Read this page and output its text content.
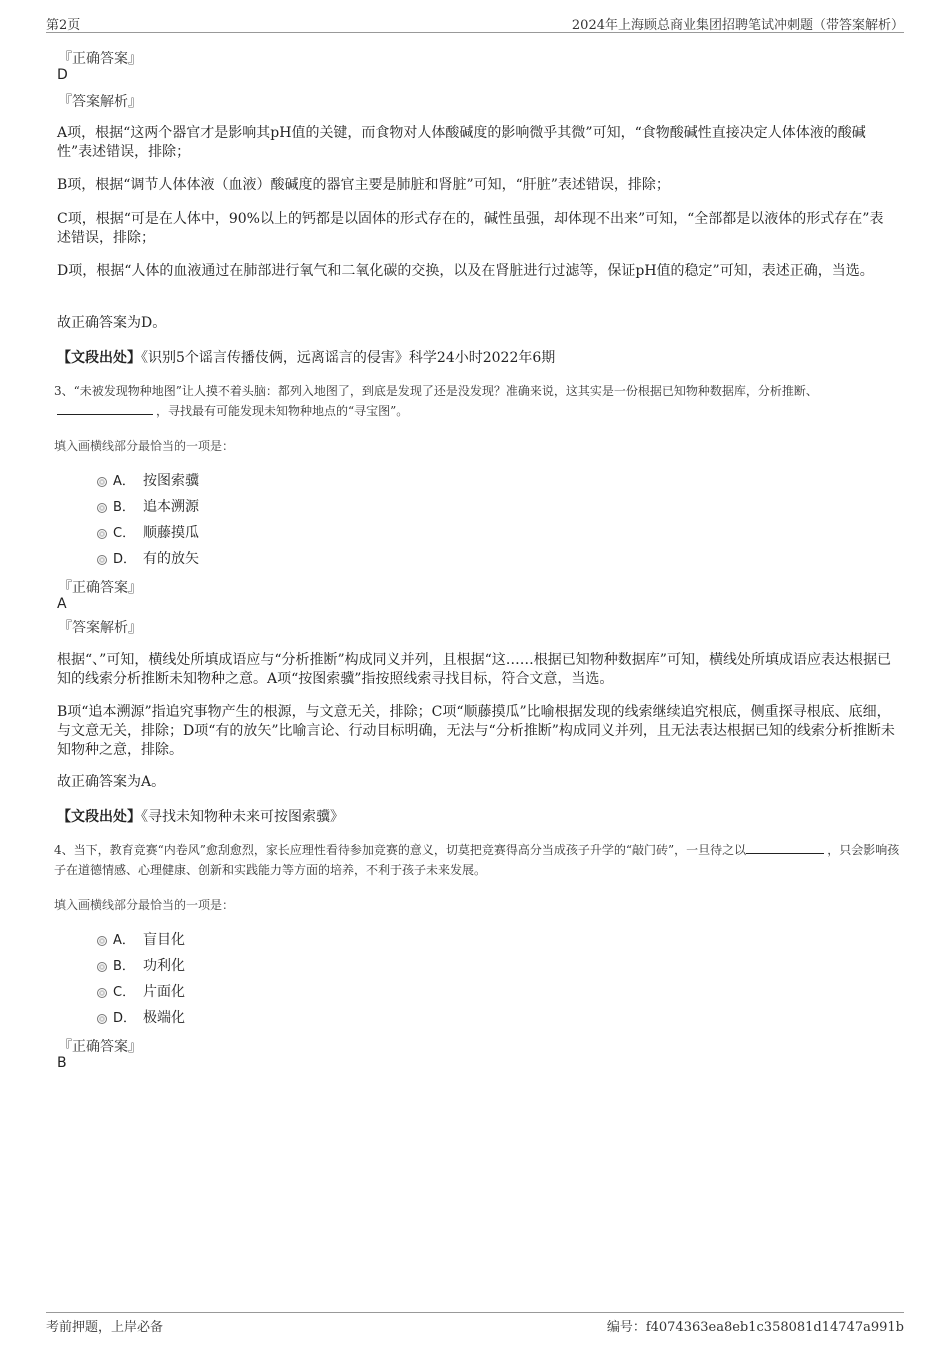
第2页	2024年上海顾总商业集团招聘笔试冲刺题（带答案解析）
『正确答案』
D
『答案解析』
A项，根据“这两个器官才是影响其pH值的关键，而食物对人体酸碱度的影响微乎其微”可知，“食物酸碱性直接决定人体体液的酸碱性”表述错误，排除；
B项，根据“调节人体体液（血液）酸碱度的器官主要是肺脏和肾脏”可知，“肝脏”表述错误，排除；
C项，根据“可是在人体中，90%以上的钙都是以固体的形式存在的，碱性虽强，却体现不出来”可知，“全部都是以液体的形式存在”表述错误，排除；
D项，根据“人体的血液通过在肺部进行氧气和二氧化碳的交换，以及在肾脏进行过滤等，保证pH值的稳定”可知，表述正确，当选。
故正确答案为D。
【文段出处】《识别5个谣言传播伎俩，远离谣言的侵害》科学24小时2022年6期
3、“未被发现物种地图”让人摸不着头脑：都列入地图了，到底是发现了还是没发现？准确来说，这其实是一份根据已知物种数据库，分析推断、，寻找最有可能发现未知物种地点的“寻宝图”。
填入画横线部分最恰当的一项是：
A． 按图索骥
B． 追本溯源
C． 顺藤摸瓜
D． 有的放矢
『正确答案』
A
『答案解析』
根据“、”可知，横线处所填成语应与“分析推断”构成同义并列，且根据“这……根据已知物种数据库”可知，横线处所填成语应表达根据已知的线索分析推断未知物种之意。A项“按图索骥”指按照线索寻找目标，符合文意，当选。
B项“追本溯源”指追究事物产生的根源，与文意无关，排除；C项“顺藤摸瓜”比喻根据发现的线索继续追究根底，侧重探寻根底、底细，与文意无关，排除；D项“有的放矢”比喻言论、行动目标明确，无法与“分析推断”构成同义并列，且无法表达根据已知的线索分析推断未知物种之意，排除。
故正确答案为A。
【文段出处】《寻找未知物种未来可按图索骥》
4、当下，教育竞赛“内卷风”愈刮愈烈，家长应理性看待参加竞赛的意义，切莫把竞赛得高分当成孩子升学的“敲门砖”，一旦待之以	，只会影响孩子在道德情感、心理健康、创新和实践能力等方面的培养，不利于孩子未来发展。
填入画横线部分最恰当的一项是：
A． 盲目化
B． 功利化
C． 片面化
D． 极端化
『正确答案』
B
考前押题，上岸必备	编号：f4074363ea8eb1c358081d14747a991b
